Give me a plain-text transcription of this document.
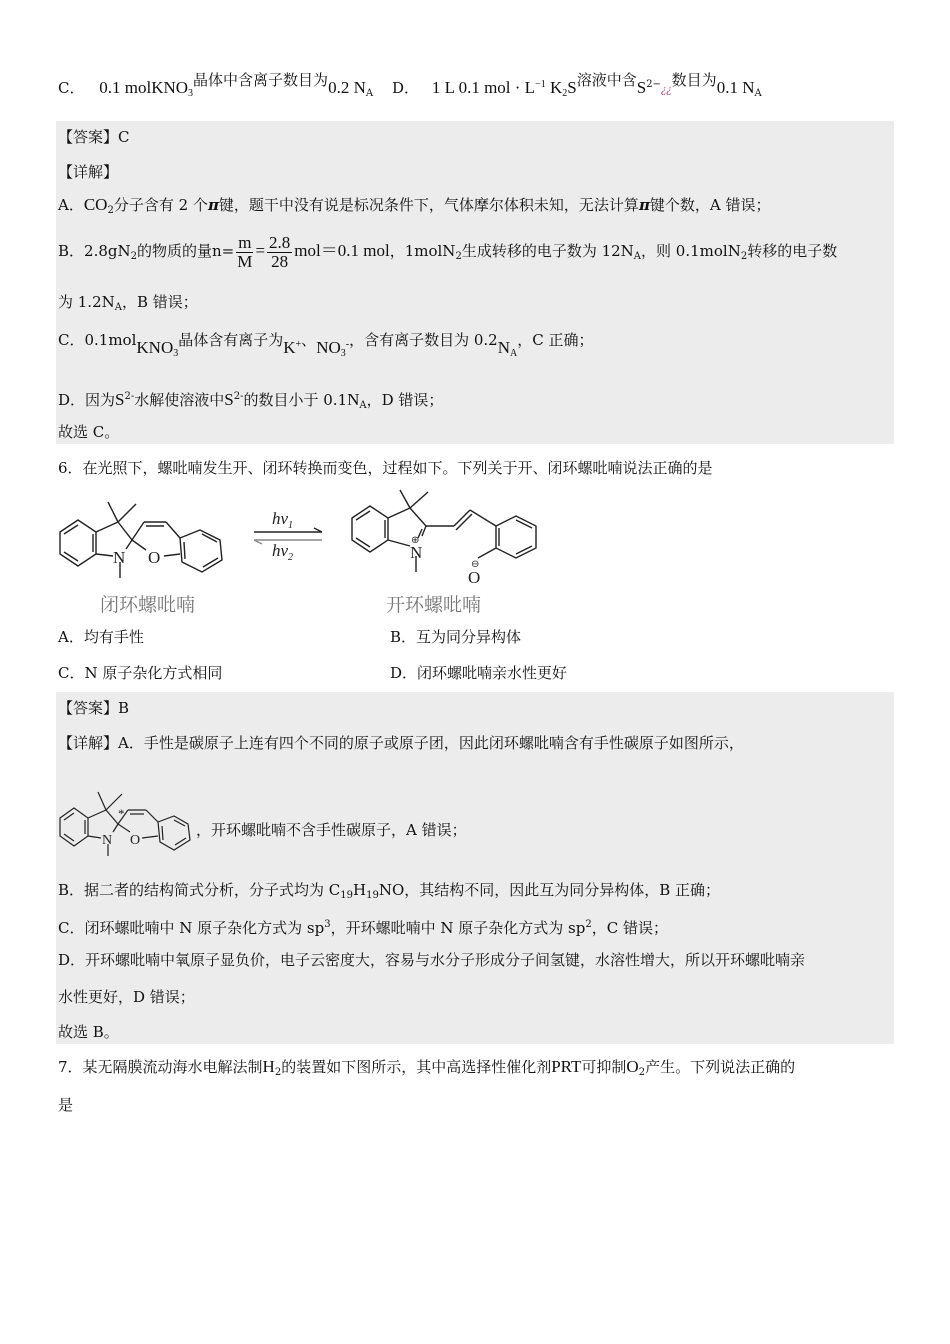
C． 0.1 molKNO$_3$晶体中含离子数目为0.2 $N_A$ D． 1 L 0.1 mol · $L^{-1}$ $K_2S$溶液中含$S^{2-}¿¿$数目为0.1 $N_A$
【答案】C
【详解】
A．$CO_2$分子含有 2 个π键，题干中没有说是标况条件下，气体摩尔体积未知，无法计算π键个数，A 错误；
B．$2.8gN_2$的物质的量$n= \frac{m}{M} = \frac{2.8}{28} mol=0.1$ mol，1molN$_2$生成转移的电子数为 $12N_A$，则 0.1molN$_2$转移的电子数
为 $1.2N_A$，B 错误；
C．0.1molKNO$_3$晶体含有离子为K+、$NO_3^-$，含有离子数目为 $0.2N_A$，C 正确；
D．因为$S^{2-}$水解使溶液中$S^{2-}$的数目小于 $0.1N_A$，D 错误；
故选 C。
6．在光照下，螺吡喃发生开、闭环转换而变色，过程如下。下列关于开、闭环螺吡喃说法正确的是
N O
$h\nu_1$
$h\nu_2$	N
⊕
O
⊖
闭环螺吡喃	开环螺吡喃
A．均有手性	B．互为同分异构体
C．N 原子杂化方式相同	D．闭环螺吡喃亲水性更好
【答案】B
【详解】A．手性是碳原子上连有四个不同的原子或原子团，因此闭环螺吡喃含有手性碳原子如图所示，
*
N O
，开环螺吡喃不含手性碳原子，A 错误；
B．据二者的结构简式分析，分子式均为 $C_{19}H_{19}NO$，其结构不同，因此互为同分异构体，B 正确；
C．闭环螺吡喃中 N 原子杂化方式为 $sp^3$，开环螺吡喃中 N 原子杂化方式为 $sp^2$，C 错误；
D．开环螺吡喃中氧原子显负价，电子云密度大，容易与水分子形成分子间氢键，水溶性增大，所以开环螺吡喃亲
水性更好，D 错误；
故选 B。
7．某无隔膜流动海水电解法制$H_2$的装置如下图所示，其中高选择性催化剂PRT可抑制$O_2$产生。下列说法正确的
是
